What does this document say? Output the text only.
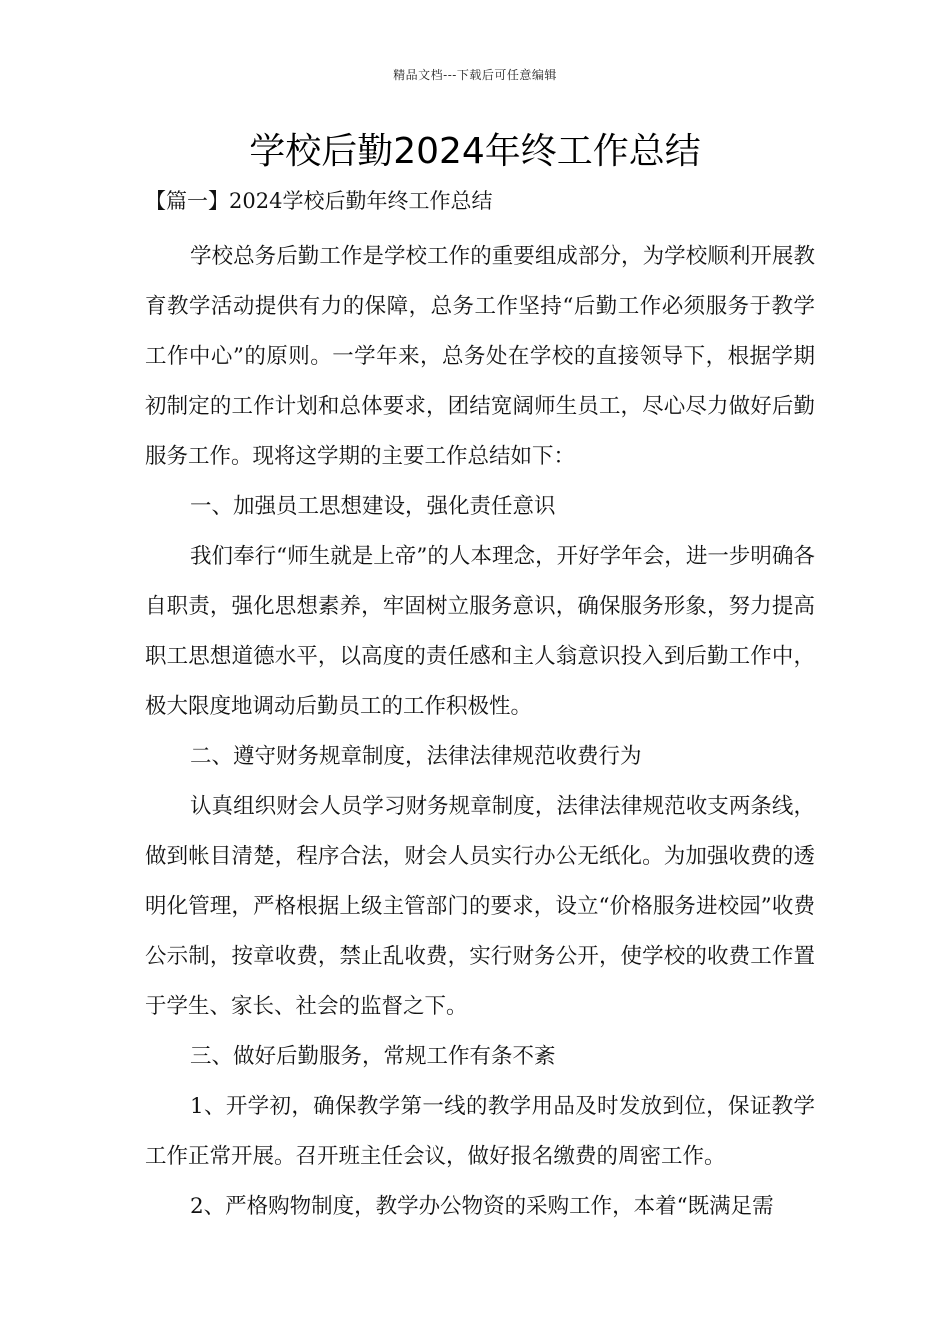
精品文档---下载后可任意编辑
学校后勤2024年终工作总结
【篇一】2024学校后勤年终工作总结

学校总务后勤工作是学校工作的重要组成部分，为学校顺利开展教育教学活动提供有力的保障，总务工作坚持“后勤工作必须服务于教学工作中心”的原则。一学年来，总务处在学校的直接领导下，根据学期初制定的工作计划和总体要求，团结宽阔师生员工，尽心尽力做好后勤服务工作。现将这学期的主要工作总结如下：

一、加强员工思想建设，强化责任意识

我们奉行“师生就是上帝”的人本理念，开好学年会，进一步明确各自职责，强化思想素养，牢固树立服务意识，确保服务形象，努力提高职工思想道德水平，以高度的责任感和主人翁意识投入到后勤工作中，极大限度地调动后勤员工的工作积极性。

二、遵守财务规章制度，法律法律规范收费行为

认真组织财会人员学习财务规章制度，法律法律规范收支两条线，做到帐目清楚，程序合法，财会人员实行办公无纸化。为加强收费的透明化管理，严格根据上级主管部门的要求，设立“价格服务进校园”收费公示制，按章收费，禁止乱收费，实行财务公开，使学校的收费工作置于学生、家长、社会的监督之下。

三、做好后勤服务，常规工作有条不紊

1、开学初，确保教学第一线的教学用品及时发放到位，保证教学工作正常开展。召开班主任会议，做好报名缴费的周密工作。

2、严格购物制度，教学办公物资的采购工作，本着“既满足需
